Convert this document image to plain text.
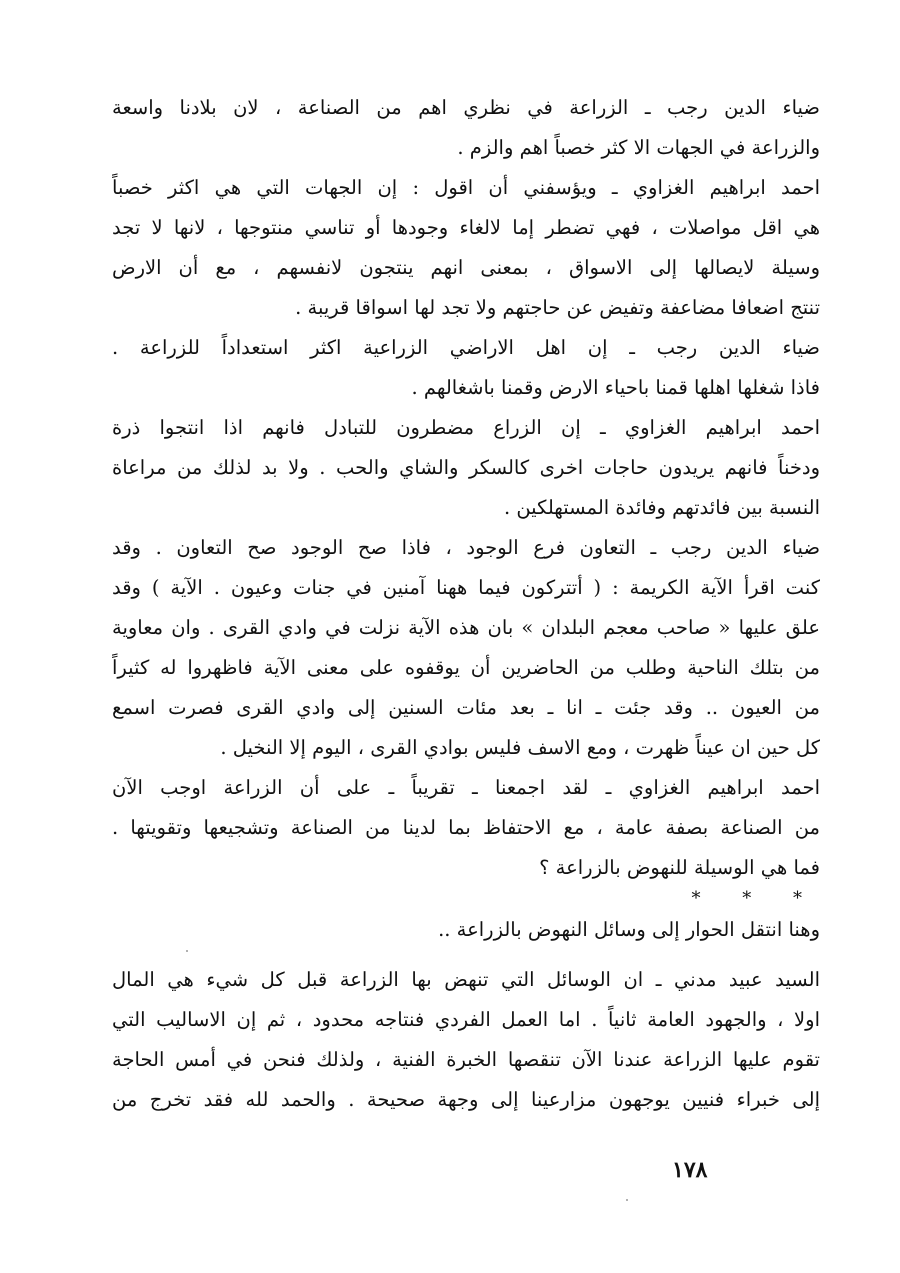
ضياء الدين رجب ـ الزراعة في نظري اهم من الصناعة ، لان بلادنا واسعة
والزراعة في الجهات الا كثر خصباً اهم والزم .
احمد ابراهيم الغزاوي ـ ويؤسفني أن اقول : إن الجهات التي هي اكثر خصباً
هي اقل مواصلات ، فهي تضطر إما لالغاء وجودها أو تناسي منتوجها ، لانها لا تجد
وسيلة لايصالها إلى الاسواق ، بمعنى انهم ينتجون لانفسهم ، مع أن الارض
تنتج اضعافا مضاعفة وتفيض عن حاجتهم ولا تجد لها اسواقا قريبة .
ضياء الدين رجب ـ إن اهل الاراضي الزراعية اكثر استعداداً للزراعة .
فاذا شغلها اهلها قمنا باحياء الارض وقمنا باشغالهم .
احمد ابراهيم الغزاوي ـ إن الزراع مضطرون للتبادل فانهم اذا انتجوا ذرة
ودخناً فانهم يريدون حاجات اخرى كالسكر والشاي والحب . ولا بد لذلك من مراعاة
النسبة بين فائدتهم وفائدة المستهلكين .
ضياء الدين رجب ـ التعاون فرع الوجود ، فاذا صح الوجود صح التعاون . وقد
كنت اقرأ الآية الكريمة : ( أتتركون فيما ههنا آمنين في جنات وعيون . الآية ) وقد
علق عليها « صاحب معجم البلدان » بان هذه الآية نزلت في وادي القرى . وان معاوية
من بتلك الناحية وطلب من الحاضرين أن يوقفوه على معنى الآية فاظهروا له كثيراً
من العيون .. وقد جئت ـ انا ـ بعد مئات السنين إلى وادي القرى فصرت اسمع
كل حين ان عيناً ظهرت ، ومع الاسف فليس بوادي القرى ، اليوم إلا النخيل .
احمد ابراهيم الغزاوي ـ لقد اجمعنا ـ تقريباً ـ على أن الزراعة اوجب الآن
من الصناعة بصفة عامة ، مع الاحتفاظ بما لدينا من الصناعة وتشجيعها وتقويتها .
فما هي الوسيلة للنهوض بالزراعة ؟
* * *
وهنا انتقل الحوار إلى وسائل النهوض بالزراعة ..
السيد عبيد مدني ـ ان الوسائل التي تنهض بها الزراعة قبل كل شيء هي المال
اولا ، والجهود العامة ثانياً . اما العمل الفردي فنتاجه محدود ، ثم إن الاساليب التي
تقوم عليها الزراعة عندنا الآن تنقصها الخبرة الفنية ، ولذلك فنحن في أمس الحاجة
إلى خبراء فنيين يوجهون مزارعينا إلى وجهة صحيحة . والحمد لله فقد تخرج من
١٧٨
